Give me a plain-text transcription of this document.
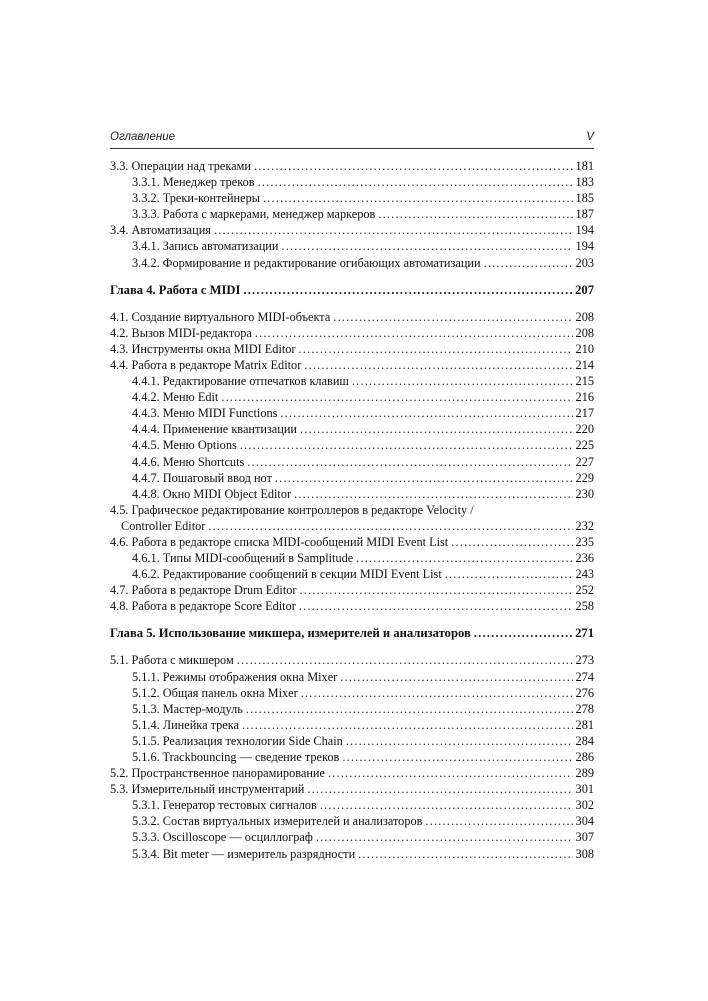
Оглавление	V
3.3. Операции над треками .....	181
3.3.1. Менеджер треков .....	183
3.3.2. Треки-контейнеры .....	185
3.3.3. Работа с маркерами, менеджер маркеров .....	187
3.4. Автоматизация .....	194
3.4.1. Запись автоматизации .....	194
3.4.2. Формирование и редактирование огибающих автоматизации .....	203
Глава 4. Работа с MIDI .....	207
4.1. Создание виртуального MIDI-объекта .....	208
4.2. Вызов MIDI-редактора .....	208
4.3. Инструменты окна MIDI Editor .....	210
4.4. Работа в редакторе Matrix Editor .....	214
4.4.1. Редактирование отпечатков клавиш .....	215
4.4.2. Меню Edit .....	216
4.4.3. Меню MIDI Functions .....	217
4.4.4. Применение квантизации .....	220
4.4.5. Меню Options .....	225
4.4.6. Меню Shortcuts .....	227
4.4.7. Пошаговый ввод нот .....	229
4.4.8. Окно MIDI Object Editor .....	230
4.5. Графическое редактирование контроллеров в редакторе Velocity /
Controller Editor .....	232
4.6. Работа в редакторе списка MIDI-сообщений MIDI Event List .....	235
4.6.1. Типы MIDI-сообщений в Samplitude .....	236
4.6.2. Редактирование сообщений в секции MIDI Event List .....	243
4.7. Работа в редакторе Drum Editor .....	252
4.8. Работа в редакторе Score Editor .....	258
Глава 5. Использование микшера, измерителей и анализаторов .....	271
5.1. Работа с микшером .....	273
5.1.1. Режимы отображения окна Mixer .....	274
5.1.2. Общая панель окна Mixer .....	276
5.1.3. Мастер-модуль .....	278
5.1.4. Линейка трека .....	281
5.1.5. Реализация технологии Side Chain .....	284
5.1.6. Trackbouncing — сведение треков .....	286
5.2. Пространственное панорамирование .....	289
5.3. Измерительный инструментарий .....	301
5.3.1. Генератор тестовых сигналов .....	302
5.3.2. Состав виртуальных измерителей и анализаторов .....	304
5.3.3. Oscilloscope — осциллограф .....	307
5.3.4. Bit meter — измеритель разрядности .....	308
